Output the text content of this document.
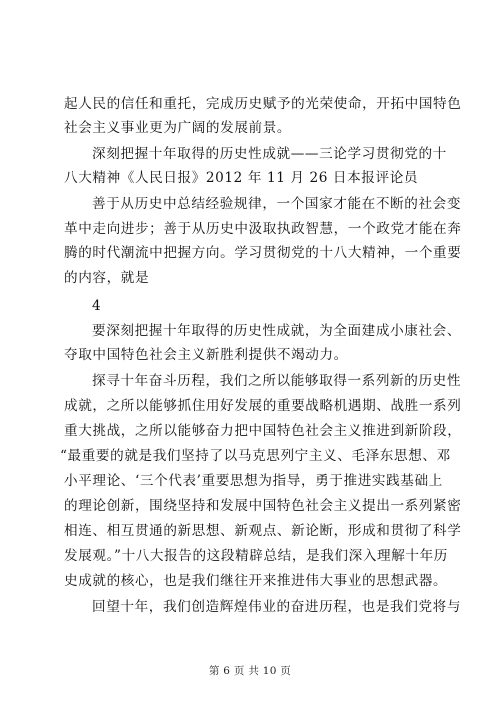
起人民的信任和重托，完成历史赋予的光荣使命，开拓中国特色
社会主义事业更为广阔的发展前景。
深刻把握十年取得的历史性成就——三论学习贯彻党的十
八大精神《人民日报》2012 年 11 月 26 日本报评论员
善于从历史中总结经验规律，一个国家才能在不断的社会变
革中走向进步；善于从历史中汲取执政智慧，一个政党才能在奔
腾的时代潮流中把握方向。学习贯彻党的十八大精神，一个重要
的内容，就是
4
要深刻把握十年取得的历史性成就，为全面建成小康社会、
夺取中国特色社会主义新胜利提供不竭动力。
探寻十年奋斗历程，我们之所以能够取得一系列新的历史性
成就，之所以能够抓住用好发展的重要战略机遇期、战胜一系列
重大挑战，之所以能够奋力把中国特色社会主义推进到新阶段，
“最重要的就是我们坚持了以马克思列宁主义、毛泽东思想、邓
小平理论、‘三个代表’重要思想为指导，勇于推进实践基础上
的理论创新，围绕坚持和发展中国特色社会主义提出一系列紧密
相连、相互贯通的新思想、新观点、新论断，形成和贯彻了科学
发展观。”十八大报告的这段精辟总结，是我们深入理解十年历
史成就的核心，也是我们继往开来推进伟大事业的思想武器。
回望十年，我们创造辉煌伟业的奋进历程，也是我们党将与
第 6 页 共 10 页
